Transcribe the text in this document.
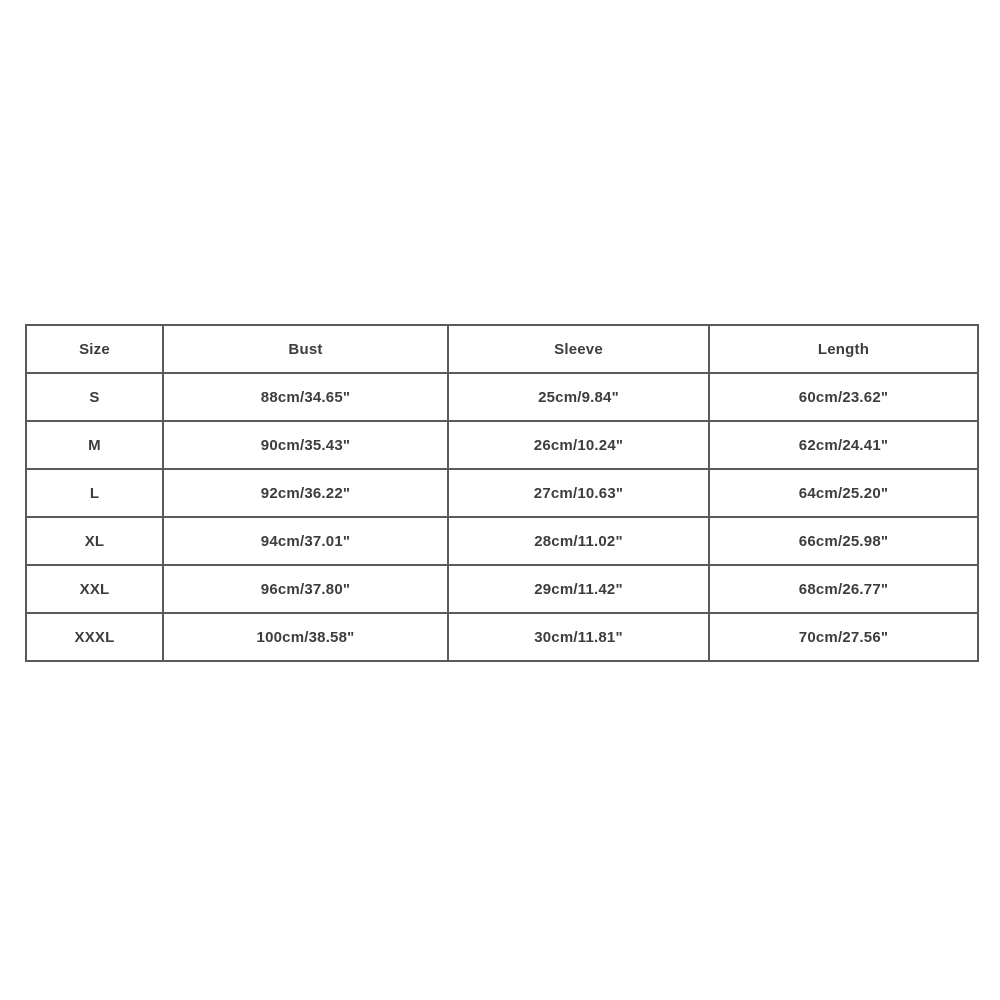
Size	Bust	Sleeve	Length
S	88cm/34.65"	25cm/9.84"	60cm/23.62"
M	90cm/35.43"	26cm/10.24"	62cm/24.41"
L	92cm/36.22"	27cm/10.63"	64cm/25.20"
XL	94cm/37.01"	28cm/11.02"	66cm/25.98"
XXL	96cm/37.80"	29cm/11.42"	68cm/26.77"
XXXL	100cm/38.58"	30cm/11.81"	70cm/27.56"
